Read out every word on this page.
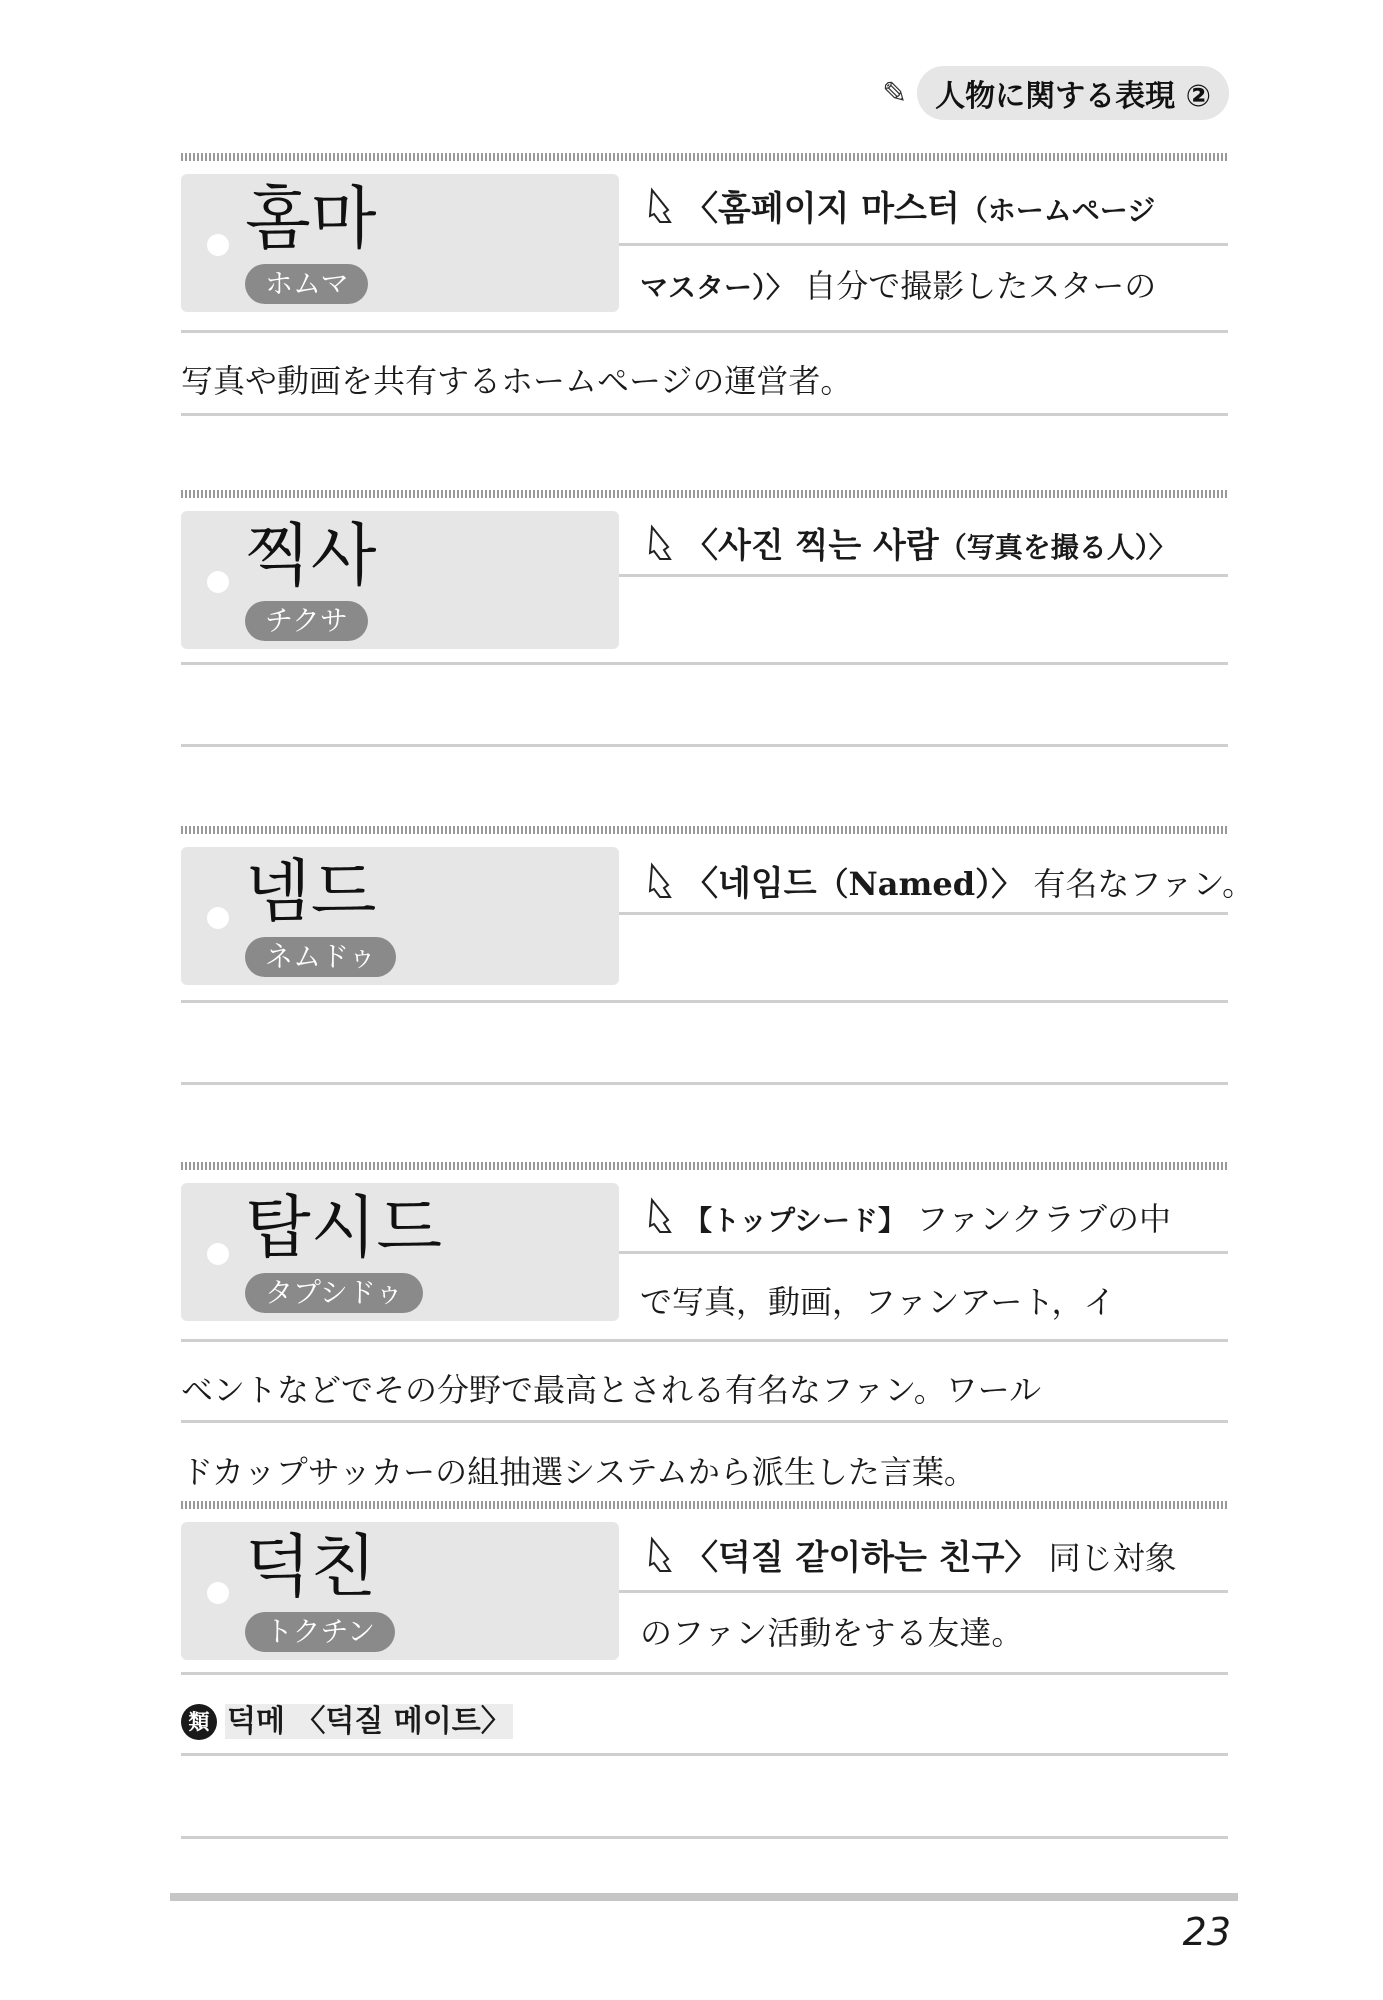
✎ 人物に関する表現 ②
홈마
ホムマ
〈홈페이지 마스터（ホームページ
マスター）〉 自分で撮影したスターの
写真や動画を共有するホームページの運営者。
찍사
チクサ
〈사진 찍는 사람（写真を撮る人）〉
넴드
ネムドゥ
〈네임드（Named）〉 有名なファン。
탑시드
タプシドゥ
【トップシード】 ファンクラブの中
で写真，動画，ファンアート，イ
ベントなどでその分野で最高とされる有名なファン。ワール
ドカップサッカーの組抽選システムから派生した言葉。
덕친
トクチン
〈덕질 같이하는 친구〉 同じ対象
のファン活動をする友達。
類 덕메 〈덕질 메이트〉
23
